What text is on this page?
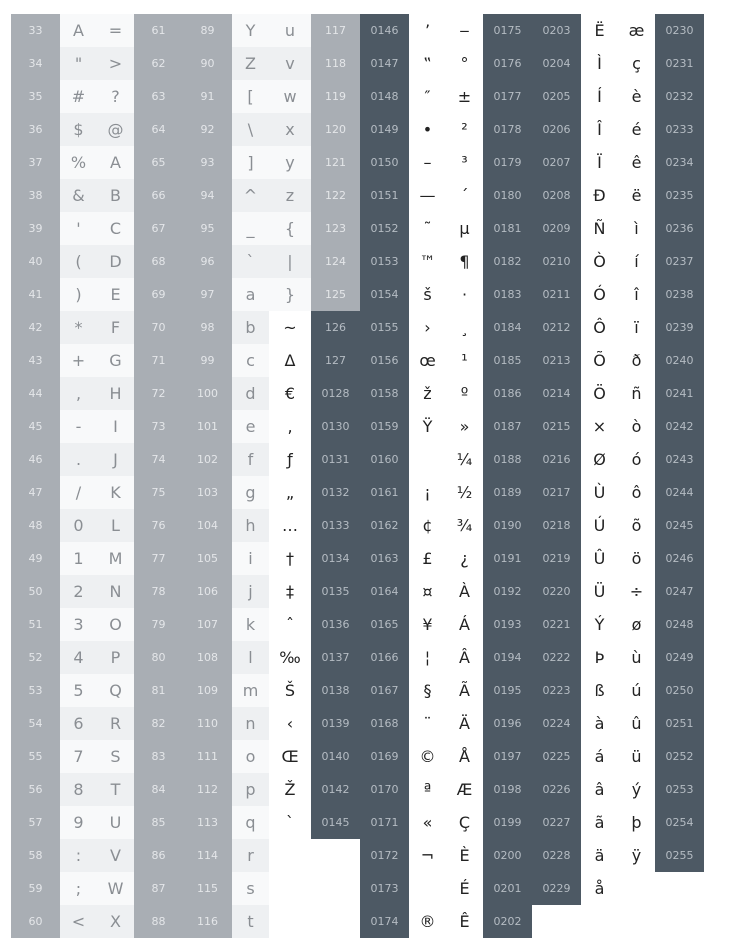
33
34
35
36
37
38
39
40
41
42
43
44
45
46
47
48
49
50
51
52
53
54
55
56
57
58
59
60
A
"
#
$
%
&
'
(
)
*
+
,
-
.
/
0
1
2
3
4
5
6
7
8
9
:
;
<
=
>
?
@
A
B
C
D
E
F
G
H
I
J
K
L
M
N
O
P
Q
R
S
T
U
V
W
X
61
62
63
64
65
66
67
68
69
70
71
72
73
74
75
76
77
78
79
80
81
82
83
84
85
86
87
88
89
90
91
92
93
94
95
96
97
98
99
100
101
102
103
104
105
106
107
108
109
110
111
112
113
114
115
116
Y
Z
[
\
]
^
_
`
a
b
c
d
e
f
g
h
i
j
k
l
m
n
o
p
q
r
s
t
u
v
w
x
y
z
{
|
}
~
Δ
€
,
ƒ
„
…
†
‡
ˆ
‰
Š
‹
Œ
Ž
`
117
118
119
120
121
122
123
124
125
126
127
0128
0130
0131
0132
0133
0134
0135
0136
0137
0138
0139
0140
0142
0145
0146
0147
0148
0149
0150
0151
0152
0153
0154
0155
0156
0158
0159
0160
0161
0162
0163
0164
0165
0166
0167
0168
0169
0170
0171
0172
0173
0174
’
‟
″
•
–
—
˜
™
š
›
œ
ž
Ÿ
¡
¢
£
¤
¥
¦
§
¨
©
ª
«
¬
®
‒
°
±
²
³
´
µ
¶
·
¸
¹
º
»
¼
½
¾
¿
À
Á
Â
Ã
Ä
Å
Æ
Ç
È
É
Ê
0175
0176
0177
0178
0179
0180
0181
0182
0183
0184
0185
0186
0187
0188
0189
0190
0191
0192
0193
0194
0195
0196
0197
0198
0199
0200
0201
0202
0203
0204
0205
0206
0207
0208
0209
0210
0211
0212
0213
0214
0215
0216
0217
0218
0219
0220
0221
0222
0223
0224
0225
0226
0227
0228
0229
Ë
Ì
Í
Î
Ï
Ð
Ñ
Ò
Ó
Ô
Õ
Ö
×
Ø
Ù
Ú
Û
Ü
Ý
Þ
ß
à
á
â
ã
ä
å
æ
ç
è
é
ê
ë
ì
í
î
ï
ð
ñ
ò
ó
ô
õ
ö
÷
ø
ù
ú
û
ü
ý
þ
ÿ
0230
0231
0232
0233
0234
0235
0236
0237
0238
0239
0240
0241
0242
0243
0244
0245
0246
0247
0248
0249
0250
0251
0252
0253
0254
0255
